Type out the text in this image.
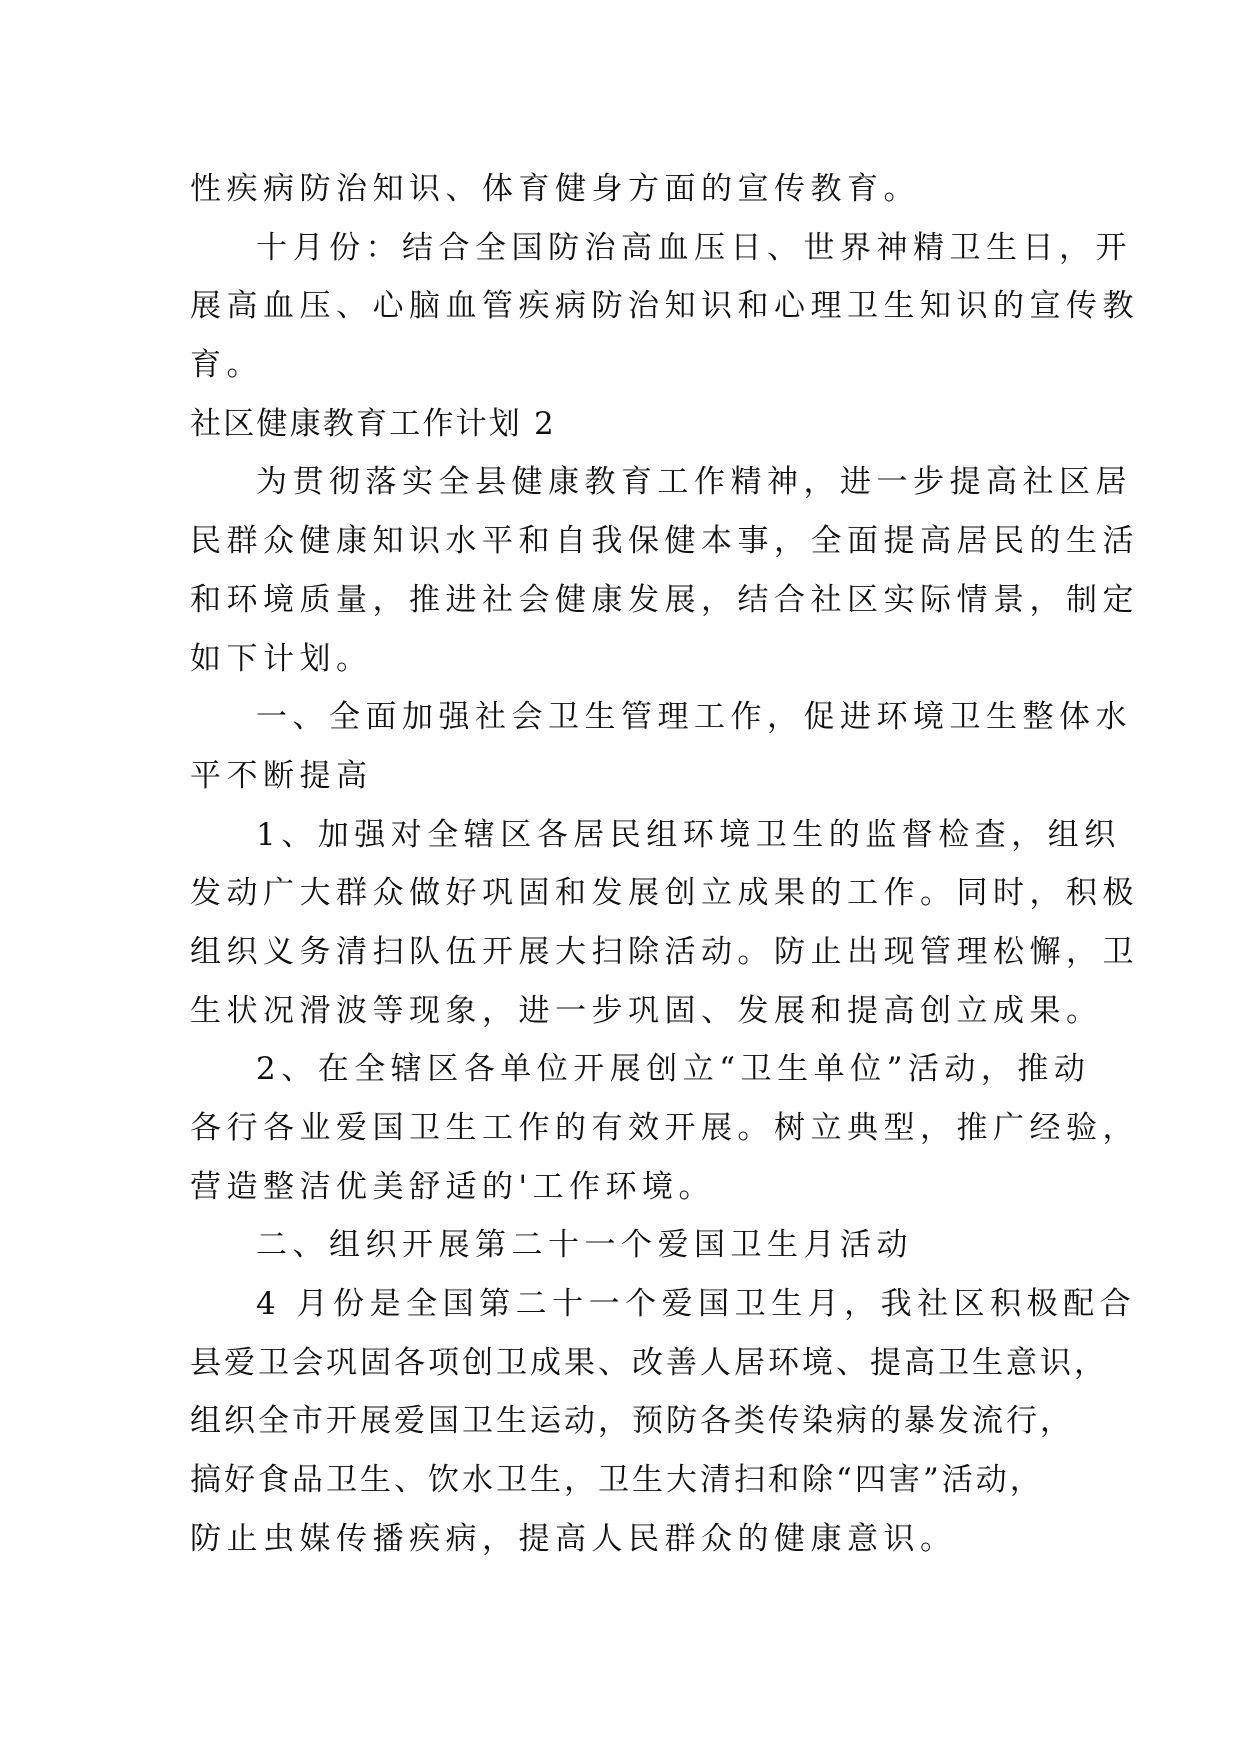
性疾病防治知识、体育健身方面的宣传教育。
十月份：结合全国防治高血压日、世界神精卫生日，开
展高血压、心脑血管疾病防治知识和心理卫生知识的宣传教
育。
社区健康教育工作计划 2
为贯彻落实全县健康教育工作精神，进一步提高社区居
民群众健康知识水平和自我保健本事，全面提高居民的生活
和环境质量，推进社会健康发展，结合社区实际情景，制定
如下计划。
一、全面加强社会卫生管理工作，促进环境卫生整体水
平不断提高
1、加强对全辖区各居民组环境卫生的监督检查，组织
发动广大群众做好巩固和发展创立成果的工作。同时，积极
组织义务清扫队伍开展大扫除活动。防止出现管理松懈，卫
生状况滑波等现象，进一步巩固、发展和提高创立成果。
2、在全辖区各单位开展创立“卫生单位”活动，推动
各行各业爱国卫生工作的有效开展。树立典型，推广经验，
营造整洁优美舒适的'工作环境。
二、组织开展第二十一个爱国卫生月活动
4 月份是全国第二十一个爱国卫生月，我社区积极配合
县爱卫会巩固各项创卫成果、改善人居环境、提高卫生意识，
组织全市开展爱国卫生运动，预防各类传染病的暴发流行，
搞好食品卫生、饮水卫生，卫生大清扫和除“四害”活动，
防止虫媒传播疾病，提高人民群众的健康意识。
